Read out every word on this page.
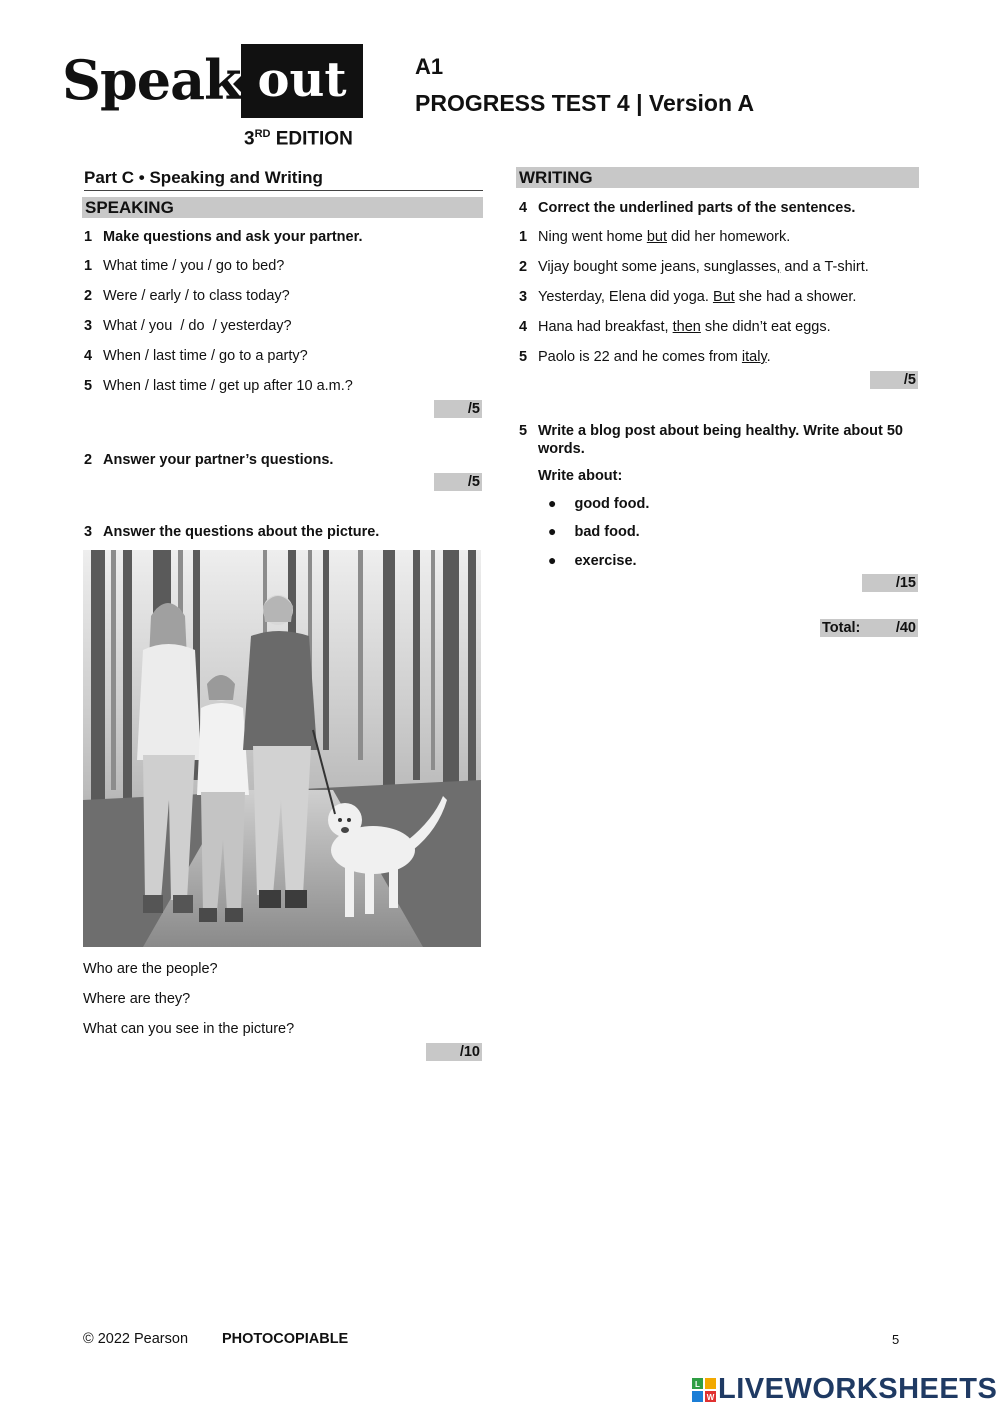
Speak out
3RD EDITION
A1
PROGRESS TEST 4 | Version A
Part C • Speaking and Writing
SPEAKING
1 Make questions and ask your partner.
1 What time / you / go to bed?
2 Were / early / to class today?
3 What / you  / do  / yesterday?
4 When / last time / go to a party?
5 When / last time / get up after 10 a.m.?
/5
2 Answer your partner’s questions.
/5
3 Answer the questions about the picture.
Who are the people?
Where are they?
What can you see in the picture?
/10
WRITING
4 Correct the underlined parts of the sentences.
1 Ning went home but did her homework.
2 Vijay bought some jeans, sunglasses, and a T-shirt.
3 Yesterday, Elena did yoga. But she had a shower.
4 Hana had breakfast, then she didn’t eat eggs.
5 Paolo is 22 and he comes from italy.
/5
5 Write a blog post about being healthy. Write about 50 words.
Write about:
● good food.
● bad food.
● exercise.
/15
Total: /40
© 2022 Pearson PHOTOCOPIABLE	5
L
W LIVEWORKSHEETS
